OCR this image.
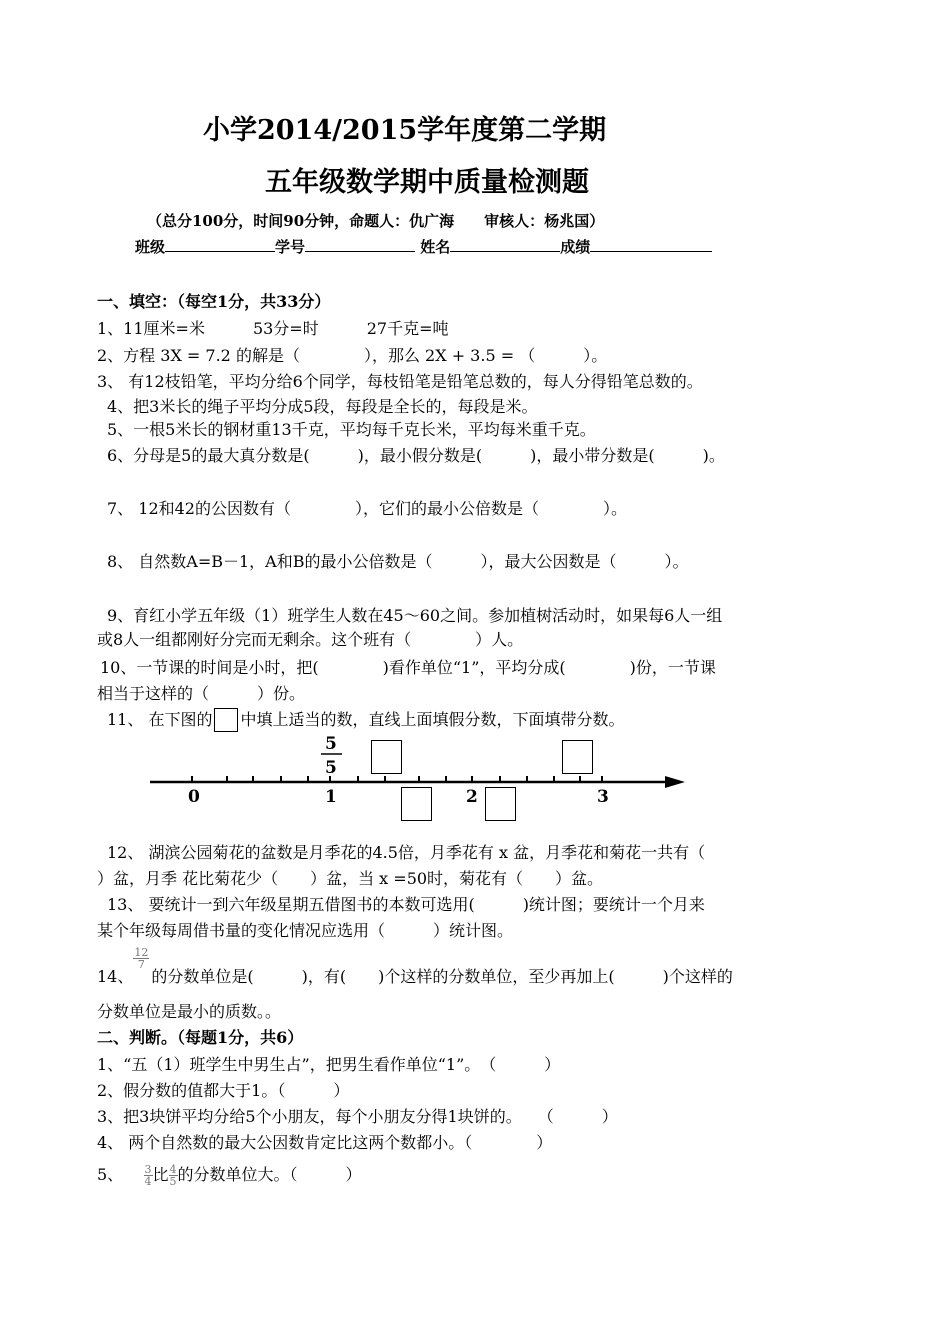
小学2014/2015学年度第二学期
五年级数学期中质量检测题
（总分100分，时间90分钟，命题人：仇广海　　审核人：杨兆国）
班级	学号	姓名	成绩
一、填空：（每空1分，共33分）
1、11厘米=米　　　53分=时　　　27千克=吨
2、方程 3X = 7.2 的解是（　　　　），那么 2X + 3.5 = （　　　）。
3、 有12枝铅笔，平均分给6个同学，每枝铅笔是铅笔总数的，每人分得铅笔总数的。
4、把3米长的绳子平均分成5段，每段是全长的，每段是米。
5、一根5米长的钢材重13千克，平均每千克长米，平均每米重千克。
6、分母是5的最大真分数是(　　　)，最小假分数是(　　　)，最小带分数是(　　　)。
7、 12和42的公因数有（　　　　），它们的最小公倍数是（　　　　）。
8、 自然数A=B－1，A和B的最小公倍数是（　　　），最大公因数是（　　　）。
9、育红小学五年级（1）班学生人数在45～60之间。参加植树活动时，如果每6人一组
或8人一组都刚好分完而无剩余。这个班有（　　　　）人。
10、一节课的时间是小时，把(　　　　)看作单位“1”，平均分成(　　　　)份，一节课
相当于这样的（　　　）份。
11、 在下图的 中填上适当的数，直线上面填假分数，下面填带分数。
0	1	2	3
5
5
12、 湖滨公园菊花的盆数是月季花的4.5倍，月季花有 x 盆，月季花和菊花一共有（
）盆，月季 花比菊花少（　　）盆，当 x =50时，菊花有（　　）盆。
13、 要统计一到六年级星期五借图书的本数可选用(　　　)统计图；要统计一个月来
某个年级每周借书量的变化情况应选用（　　　）统计图。
14、
$\frac{12}{7}$
的分数单位是(　　　)，有(　　)个这样的分数单位，至少再加上(　　　)个这样的
分数单位是最小的质数。。
二、判断。（每题1分，共6）
1、“五（1）班学生中男生占”，把男生看作单位“1”。　（　　　）
2、假分数的值都大于1。（　　　）
3、把3块饼平均分给5个小朋友，每个小朋友分得1块饼的。　　（　　　）
4、 两个自然数的最大公因数肯定比这两个数都小。（　　　　）
5、 $\frac{3}{4}$ 比 $\frac{4}{5}$ 的分数单位大。（　　　）
